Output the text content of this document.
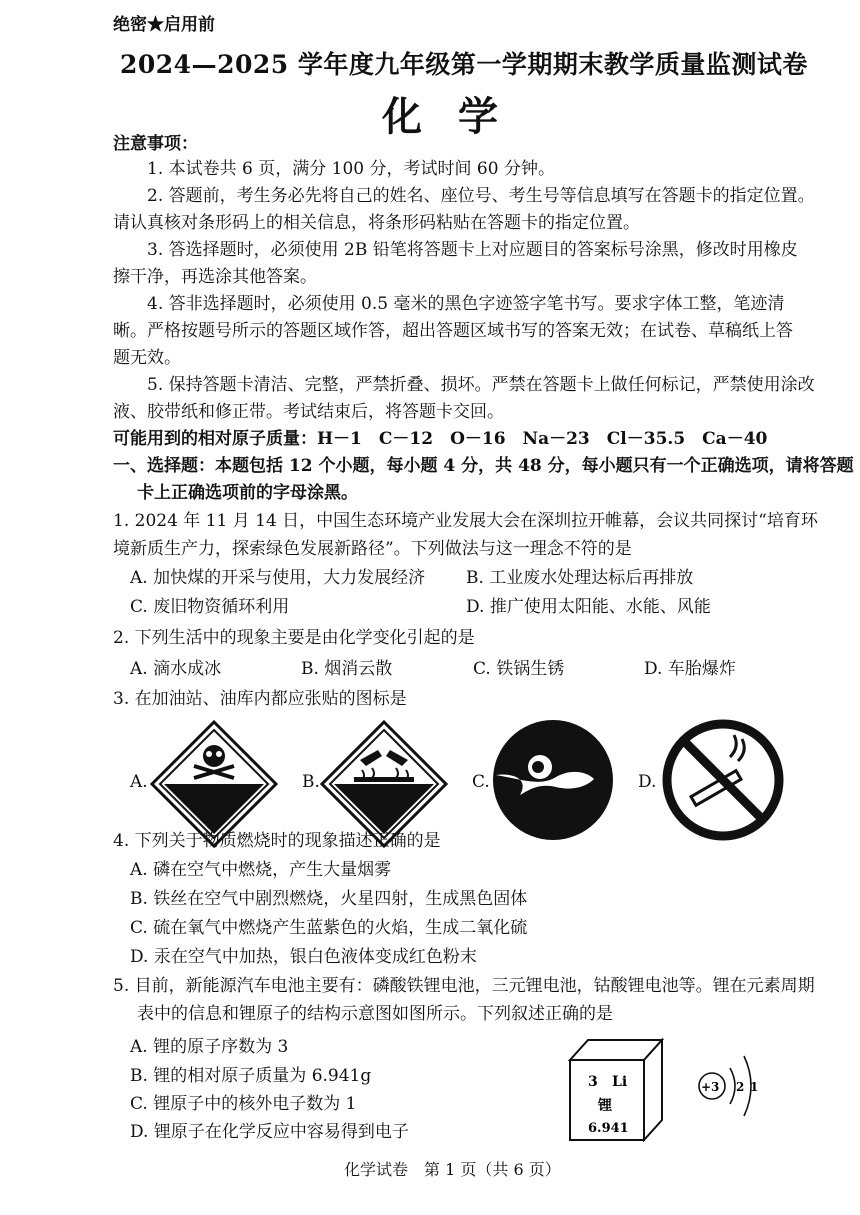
绝密★启用前
2024—2025 学年度九年级第一学期期末教学质量监测试卷
化学
注意事项：
1. 本试卷共 6 页，满分 100 分，考试时间 60 分钟。
2. 答题前，考生务必先将自己的姓名、座位号、考生号等信息填写在答题卡的指定位置。
请认真核对条形码上的相关信息，将条形码粘贴在答题卡的指定位置。
3. 答选择题时，必须使用 2B 铅笔将答题卡上对应题目的答案标号涂黑，修改时用橡皮
擦干净，再选涂其他答案。
4. 答非选择题时，必须使用 0.5 毫米的黑色字迹签字笔书写。要求字体工整，笔迹清
晰。严格按题号所示的答题区域作答，超出答题区域书写的答案无效；在试卷、草稿纸上答
题无效。
5. 保持答题卡清洁、完整，严禁折叠、损坏。严禁在答题卡上做任何标记，严禁使用涂改
液、胶带纸和修正带。考试结束后，将答题卡交回。
可能用到的相对原子质量：H－1　C－12　O－16　Na－23　Cl－35.5　Ca－40
一、选择题：本题包括 12 个小题，每小题 4 分，共 48 分，每小题只有一个正确选项，请将答题
卡上正确选项前的字母涂黑。
1. 2024 年 11 月 14 日，中国生态环境产业发展大会在深圳拉开帷幕，会议共同探讨“培育环
境新质生产力，探索绿色发展新路径”。下列做法与这一理念不符的是
A. 加快煤的开采与使用，大力发展经济 B. 工业废水处理达标后再排放
C. 废旧物资循环利用	D. 推广使用太阳能、水能、风能
2. 下列生活中的现象主要是由化学变化引起的是
A. 滴水成冰	B. 烟消云散	C. 铁锅生锈	D. 车胎爆炸
3. 在加油站、油库内都应张贴的图标是
A.	B.	C.	D.
4. 下列关于物质燃烧时的现象描述正确的是
A. 磷在空气中燃烧，产生大量烟雾
B. 铁丝在空气中剧烈燃烧，火星四射，生成黑色固体
C. 硫在氧气中燃烧产生蓝紫色的火焰，生成二氧化硫
D. 汞在空气中加热，银白色液体变成红色粉末
5. 目前，新能源汽车电池主要有：磷酸铁锂电池，三元锂电池，钴酸锂电池等。锂在元素周期
表中的信息和锂原子的结构示意图如图所示。下列叙述正确的是
A. 锂的原子序数为 3
B. 锂的相对原子质量为 6.941g
C. 锂原子中的核外电子数为 1
D. 锂原子在化学反应中容易得到电子
3 Li
锂
6.941
+3 2 1
化学试卷　第 1 页（共 6 页）
